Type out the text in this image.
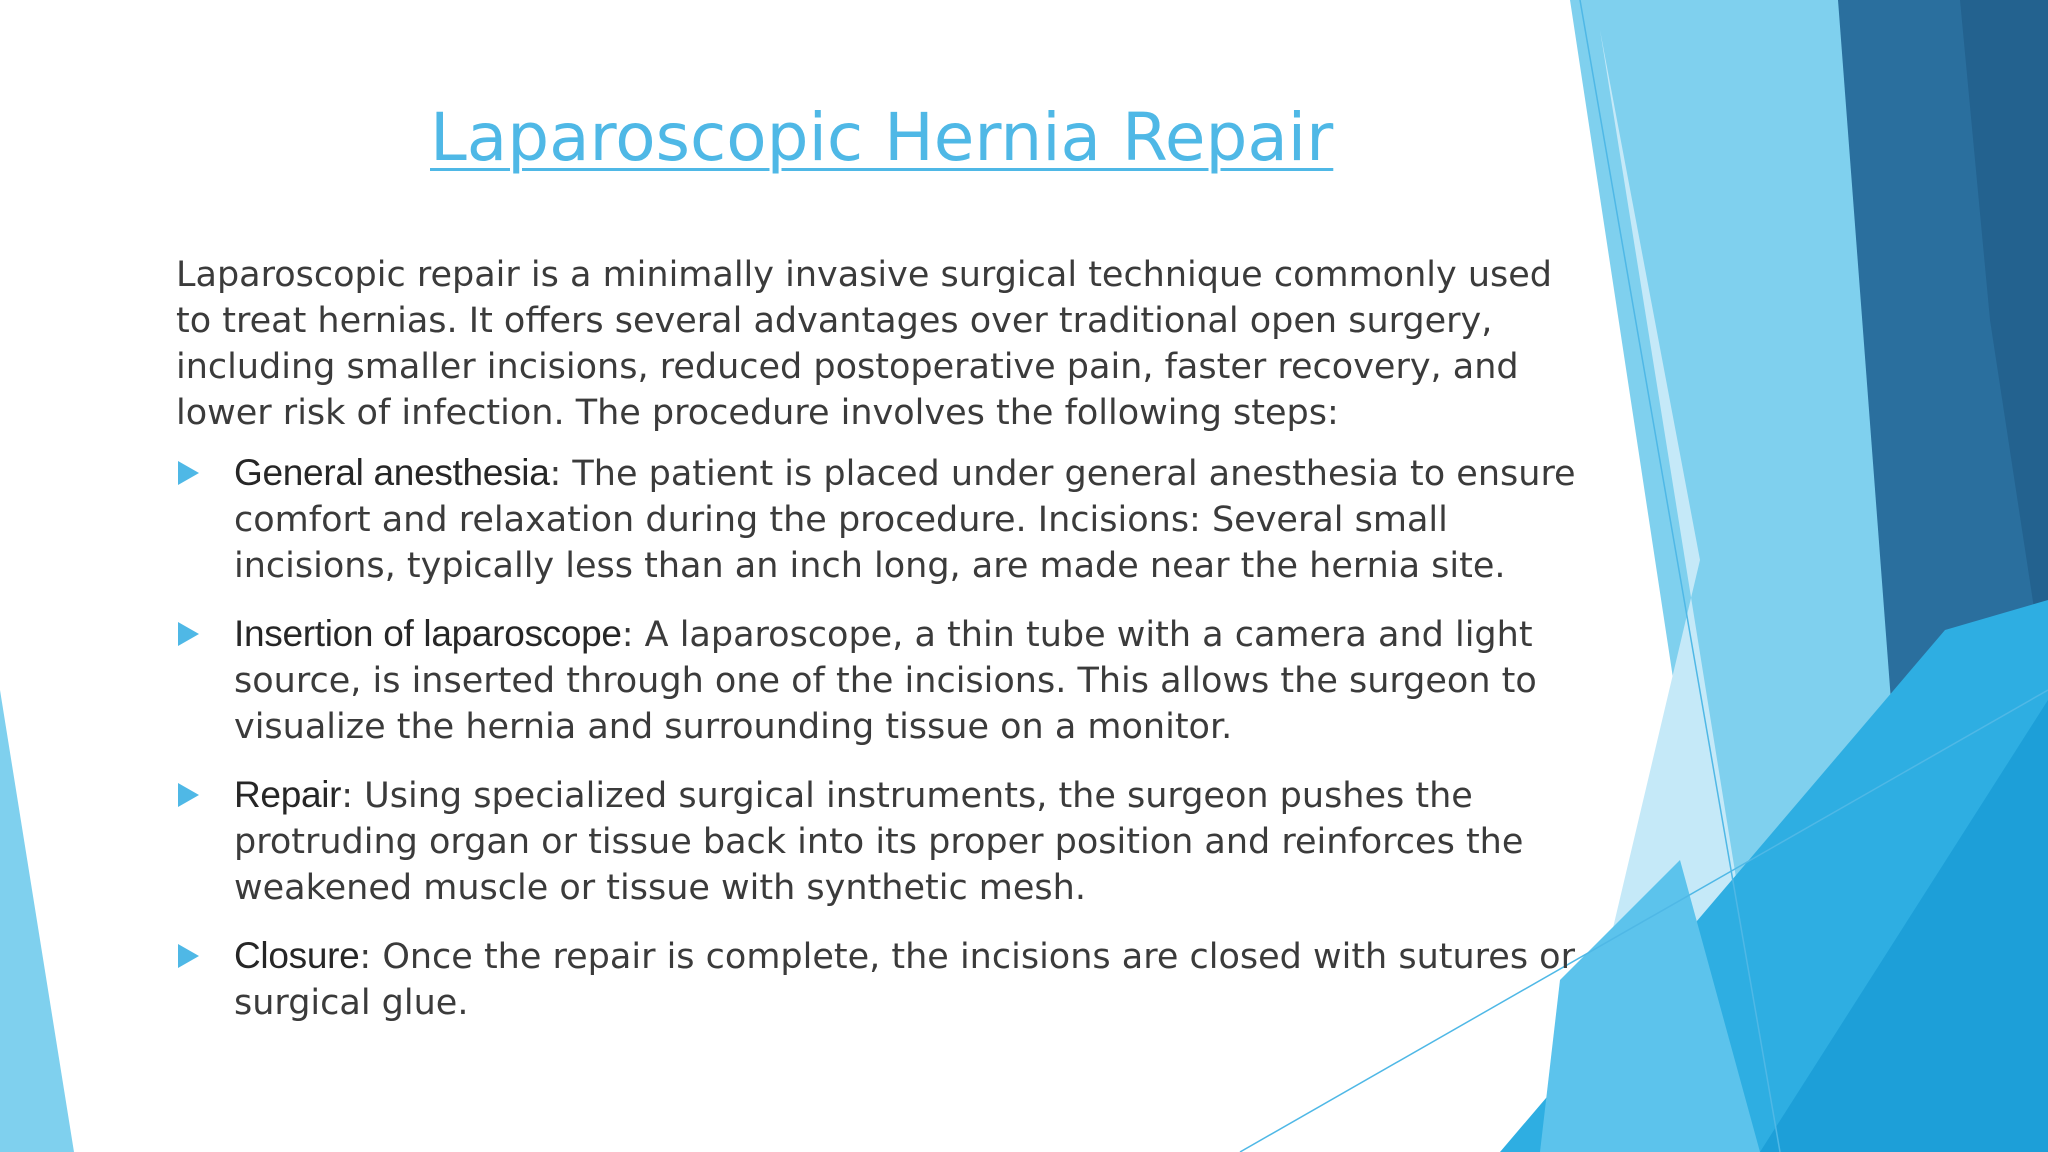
Laparoscopic Hernia Repair

Laparoscopic repair is a minimally invasive surgical technique commonly used to treat hernias. It offers several advantages over traditional open surgery, including smaller incisions, reduced postoperative pain, faster recovery, and lower risk of infection. The procedure involves the following steps:

General anesthesia: The patient is placed under general anesthesia to ensure comfort and relaxation during the procedure. Incisions: Several small incisions, typically less than an inch long, are made near the hernia site.
Insertion of laparoscope: A laparoscope, a thin tube with a camera and light source, is inserted through one of the incisions. This allows the surgeon to visualize the hernia and surrounding tissue on a monitor.
Repair: Using specialized surgical instruments, the surgeon pushes the protruding organ or tissue back into its proper position and reinforces the weakened muscle or tissue with synthetic mesh.
Closure: Once the repair is complete, the incisions are closed with sutures or surgical glue.
